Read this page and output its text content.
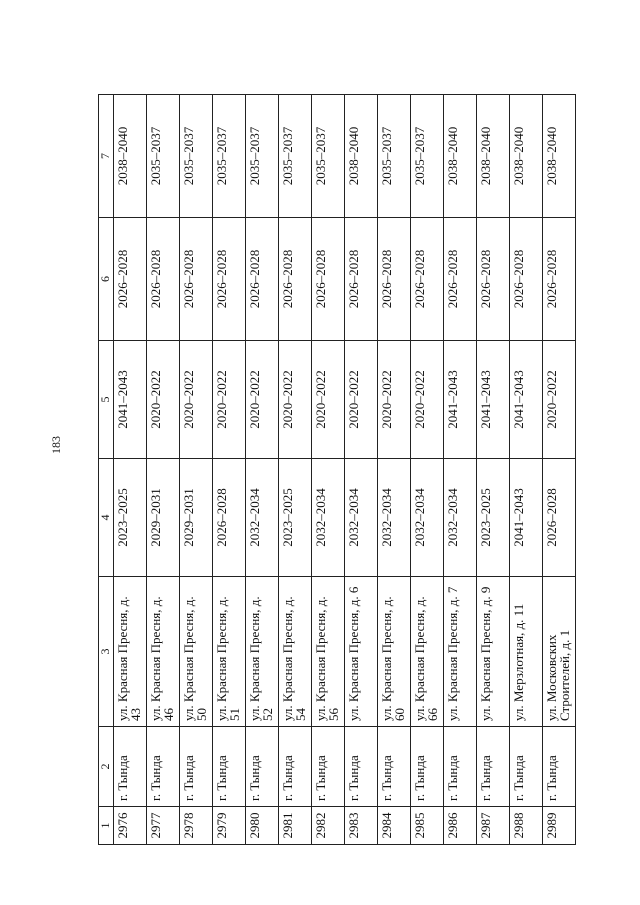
183
1	2	3	4	5	6	7
2976	г. Тында	ул. Красная Пресня, д. 43	2023–2025	2041–2043	2026–2028	2038–2040
2977	г. Тында	ул. Красная Пресня, д. 46	2029–2031	2020–2022	2026–2028	2035–2037
2978	г. Тында	ул. Красная Пресня, д. 50	2029–2031	2020–2022	2026–2028	2035–2037
2979	г. Тында	ул. Красная Пресня, д. 51	2026–2028	2020–2022	2026–2028	2035–2037
2980	г. Тында	ул. Красная Пресня, д. 52	2032–2034	2020–2022	2026–2028	2035–2037
2981	г. Тында	ул. Красная Пресня, д. 54	2023–2025	2020–2022	2026–2028	2035–2037
2982	г. Тында	ул. Красная Пресня, д. 56	2032–2034	2020–2022	2026–2028	2035–2037
2983	г. Тында	ул. Красная Пресня, д. 6	2032–2034	2020–2022	2026–2028	2038–2040
2984	г. Тында	ул. Красная Пресня, д. 60	2032–2034	2020–2022	2026–2028	2035–2037
2985	г. Тында	ул. Красная Пресня, д. 66	2032–2034	2020–2022	2026–2028	2035–2037
2986	г. Тында	ул. Красная Пресня, д. 7	2032–2034	2041–2043	2026–2028	2038–2040
2987	г. Тында	ул. Красная Пресня, д. 9	2023–2025	2041–2043	2026–2028	2038–2040
2988	г. Тында	ул. Мерзлотная, д. 11	2041–2043	2041–2043	2026–2028	2038–2040
2989	г. Тында	ул. Московских Строителей, д. 1	2026–2028	2020–2022	2026–2028	2038–2040
